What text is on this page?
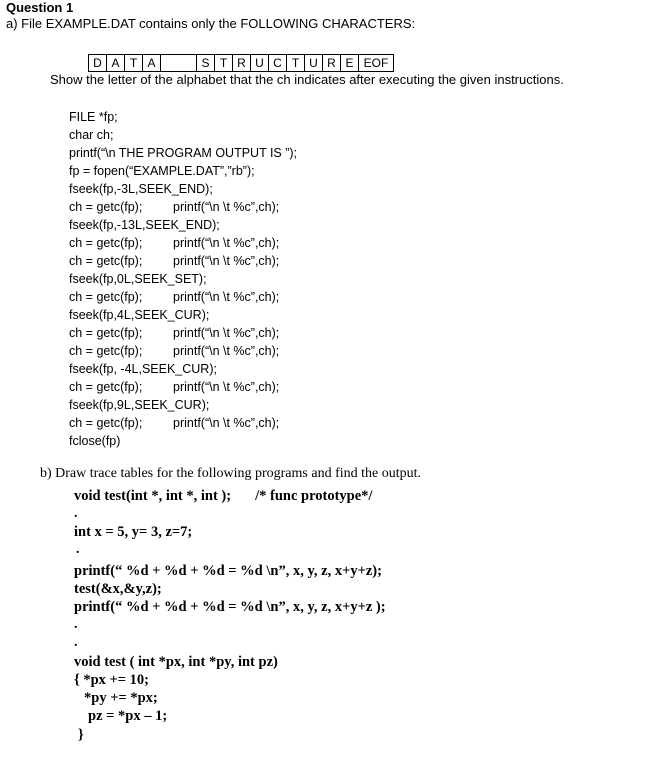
Question 1
a) File EXAMPLE.DAT contains only the FOLLOWING CHARACTERS:
D A T A	S T R U C T U R E EOF
Show the letter of the alphabet that the ch indicates after executing the given instructions.
FILE *fp;
char ch;
printf(“\n THE PROGRAM OUTPUT IS ”);
fp = fopen(“EXAMPLE.DAT”,”rb”);
fseek(fp,-3L,SEEK_END);
ch = getc(fp); printf(“\n \t %c”,ch);
fseek(fp,-13L,SEEK_END);
ch = getc(fp); printf(“\n \t %c”,ch);
ch = getc(fp); printf(“\n \t %c”,ch);
fseek(fp,0L,SEEK_SET);
ch = getc(fp); printf(“\n \t %c”,ch);
fseek(fp,4L,SEEK_CUR);
ch = getc(fp); printf(“\n \t %c”,ch);
ch = getc(fp); printf(“\n \t %c”,ch);
fseek(fp, -4L,SEEK_CUR);
ch = getc(fp); printf(“\n \t %c”,ch);
fseek(fp,9L,SEEK_CUR);
ch = getc(fp); printf(“\n \t %c”,ch);
fclose(fp)
b) Draw trace tables for the following programs and find the output.
void test(int *, int *, int ); /* func prototype*/
.
int x = 5, y= 3, z=7;
.
printf(“ %d + %d + %d = %d \n”, x, y, z, x+y+z);
test(&x,&y,z);
printf(“ %d + %d + %d = %d \n”, x, y, z, x+y+z );
.
.
void test ( int *px, int *py, int pz)
{ *px += 10;
*py += *px;
pz = *px – 1;
}
